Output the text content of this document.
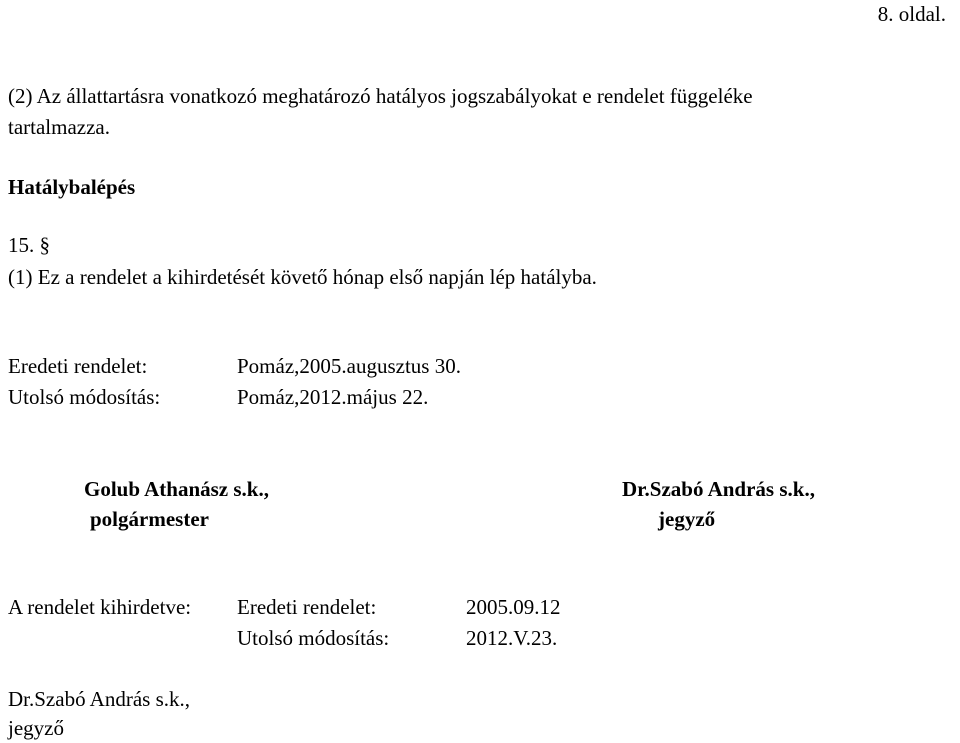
8. oldal.
(2) Az állattartásra vonatkozó meghatározó hatályos jogszabályokat e rendelet függeléke
tartalmazza.
Hatálybalépés
15. §
(1) Ez a rendelet a kihirdetését követő hónap első napján lép hatályba.
Eredeti rendelet:	Pomáz,2005.augusztus 30.
Utolsó módosítás:	Pomáz,2012.május 22.
Golub Athanász s.k.,
polgármester
Dr.Szabó András s.k.,
jegyző
A rendelet kihirdetve: Eredeti rendelet:	2005.09.12
Utolsó módosítás:	2012.V.23.
Dr.Szabó András s.k.,
jegyző
